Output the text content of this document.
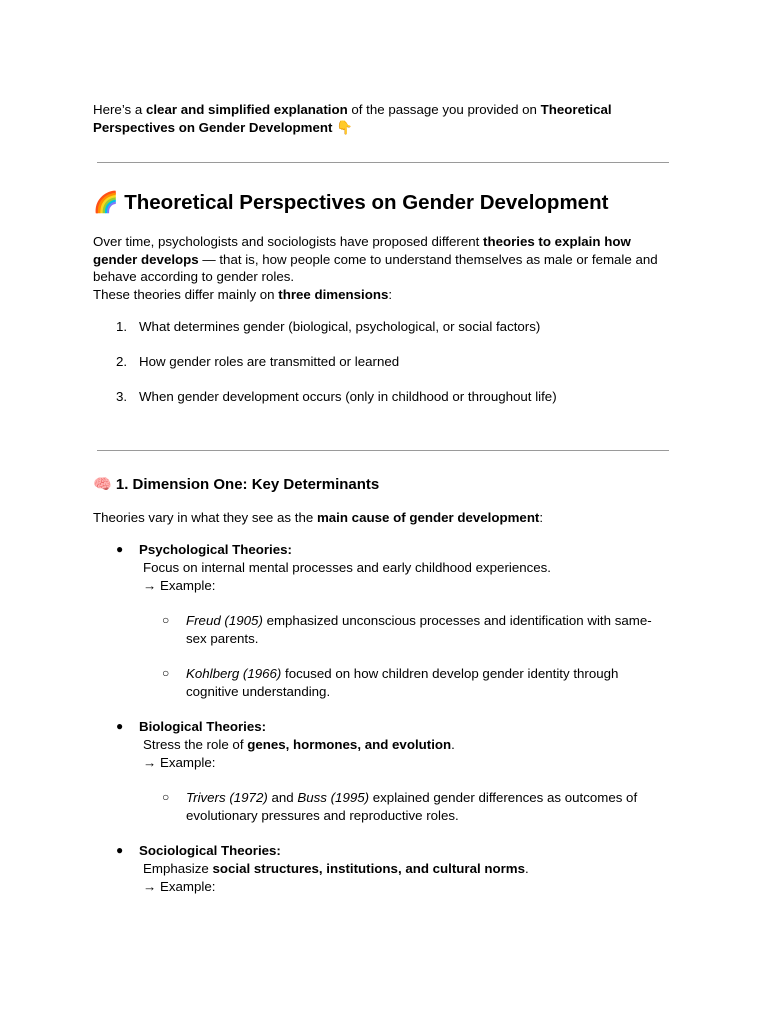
Here’s a clear and simplified explanation of the passage you provided on Theoretical Perspectives on Gender Development 👇

🌈 Theoretical Perspectives on Gender Development

Over time, psychologists and sociologists have proposed different theories to explain how gender develops — that is, how people come to understand themselves as male or female and behave according to gender roles.
These theories differ mainly on three dimensions:

1. What determines gender (biological, psychological, or social factors)
2. How gender roles are transmitted or learned
3. When gender development occurs (only in childhood or throughout life)
🧠 1. Dimension One: Key Determinants

Theories vary in what they see as the main cause of gender development:

● Psychological Theories:
Focus on internal mental processes and early childhood experiences.
→ Example:
○ Freud (1905) emphasized unconscious processes and identification with same-sex parents.

○ Kohlberg (1966) focused on how children develop gender identity through cognitive understanding.

● Biological Theories:
Stress the role of genes, hormones, and evolution.
→ Example:
○ Trivers (1972) and Buss (1995) explained gender differences as outcomes of evolutionary pressures and reproductive roles.

● Sociological Theories:
Emphasize social structures, institutions, and cultural norms.
→ Example:
